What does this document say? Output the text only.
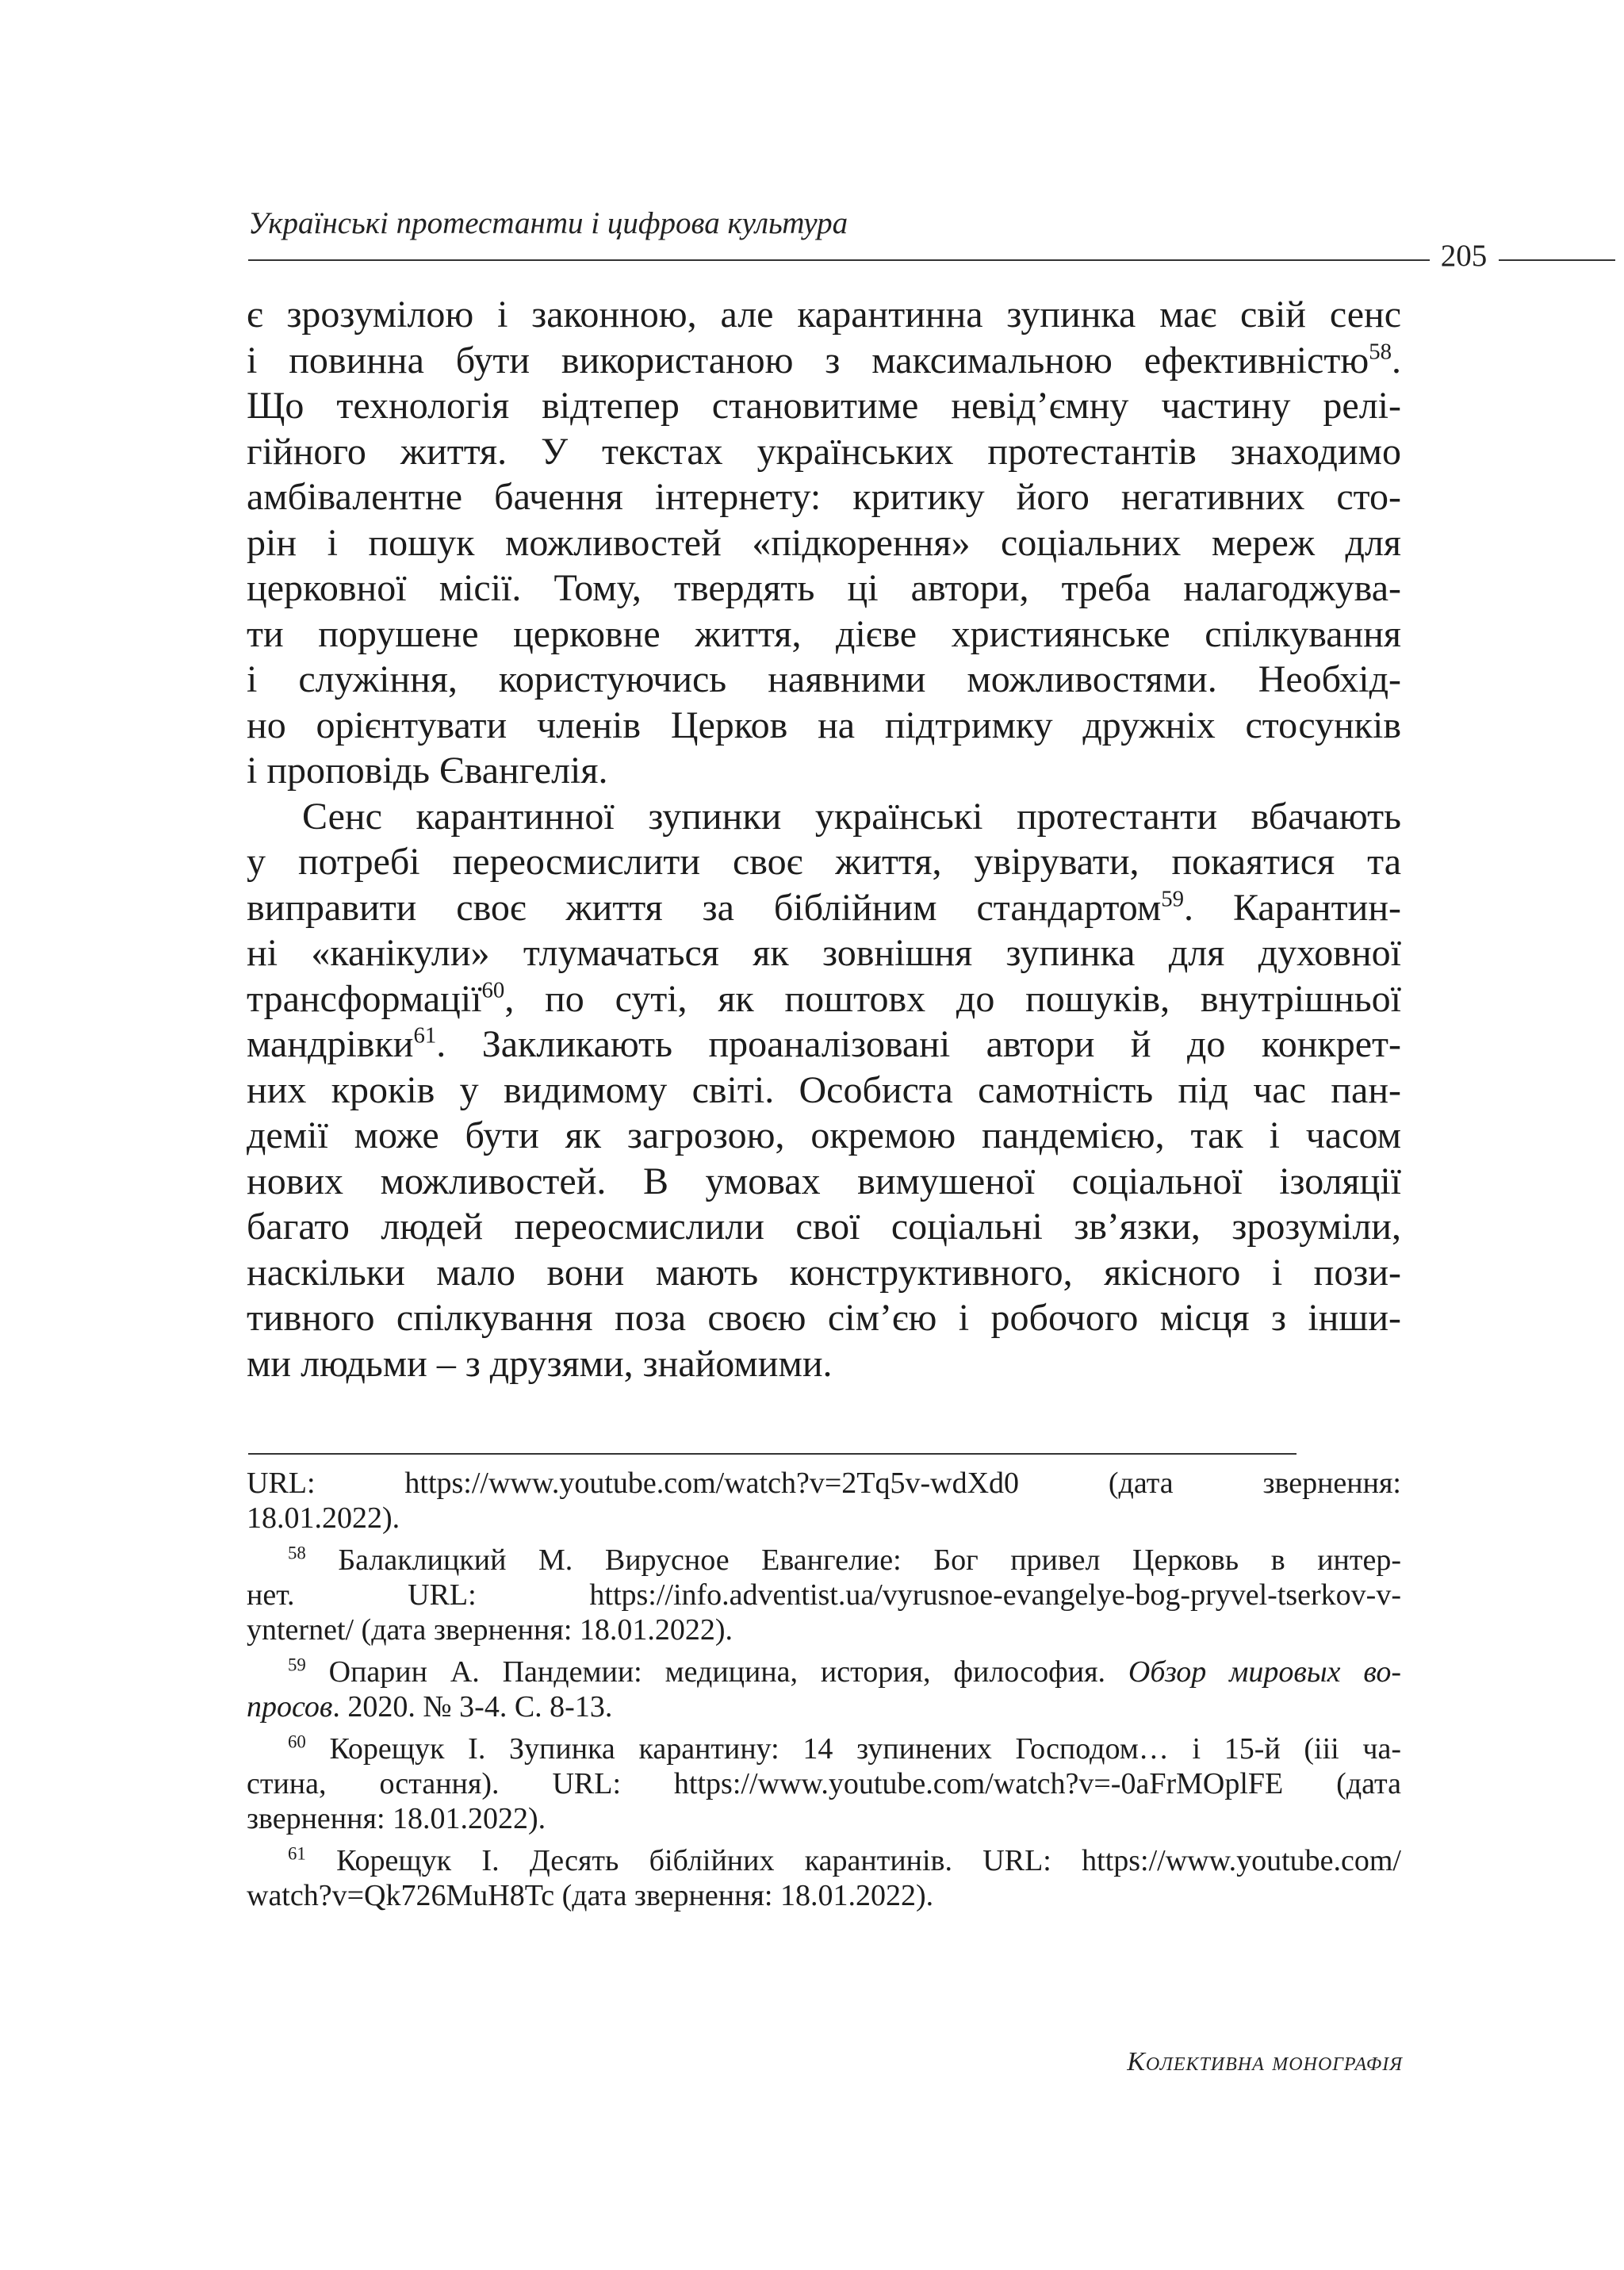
Українські протестанти і цифрова культура
205
є зрозумілою і законною, але карантинна зупинка має свій сенс
і повинна бути використаною з максимальною ефективністю$^{58}$.
Що технологія відтепер становитиме невід’ємну частину релі-
гійного життя. У текстах українських протестантів знаходимо
амбівалентне бачення інтернету: критику його негативних сто-
рін і пошук можливостей «підкорення» соціальних мереж для
церковної місії. Тому, твердять ці автори, треба налагоджува-
ти порушене церковне життя, дієве християнське спілкування
і служіння, користуючись наявними можливостями. Необхід-
но орієнтувати членів Церков на підтримку дружніх стосунків
і проповідь Євангелія.
Сенс карантинної зупинки українські протестанти вбачають
у потребі переосмислити своє життя, увірувати, покаятися та
виправити своє життя за біблійним стандартом$^{59}$. Карантин-
ні «канікули» тлумачаться як зовнішня зупинка для духовної
трансформації$^{60}$, по суті, як поштовх до пошуків, внутрішньої
мандрівки$^{61}$. Закликають проаналізовані автори й до конкрет-
них кроків у видимому світі. Особиста самотність під час пан-
демії може бути як загрозою, окремою пандемією, так і часом
нових можливостей. В умовах вимушеної соціальної ізоляції
багато людей переосмислили свої соціальні зв’язки, зрозуміли,
наскільки мало вони мають конструктивного, якісного і пози-
тивного спілкування поза своєю сім’єю і робочого місця з інши-
ми людьми – з друзями, знайомими.
URL: https://www.youtube.com/watch?v=2Tq5v-wdXd0 (дата звернення:
18.01.2022).
$^{58}$ Балаклицкий М. Вирусное Евангелие: Бог привел Церковь в интер-
нет. URL: https://info.adventist.ua/vyrusnoe-evangelye-bog-pryvel-tserkov-v-
ynternet/ (дата звернення: 18.01.2022).
$^{59}$ Опарин А. Пандемии: медицина, история, философия. Обзор мировых во-
просов. 2020. № 3-4. С. 8-13.
$^{60}$ Корещук І. Зупинка карантину: 14 зупинених Господом… і 15-й (ііі ча-
стина, остання). URL: https://www.youtube.com/watch?v=-0aFrMOplFE (дата
звернення: 18.01.2022).
$^{61}$ Корещук І. Десять біблійних карантинів. URL: https://www.youtube.com/
watch?v=Qk726MuH8Tc (дата звернення: 18.01.2022).
Колективна монографія
